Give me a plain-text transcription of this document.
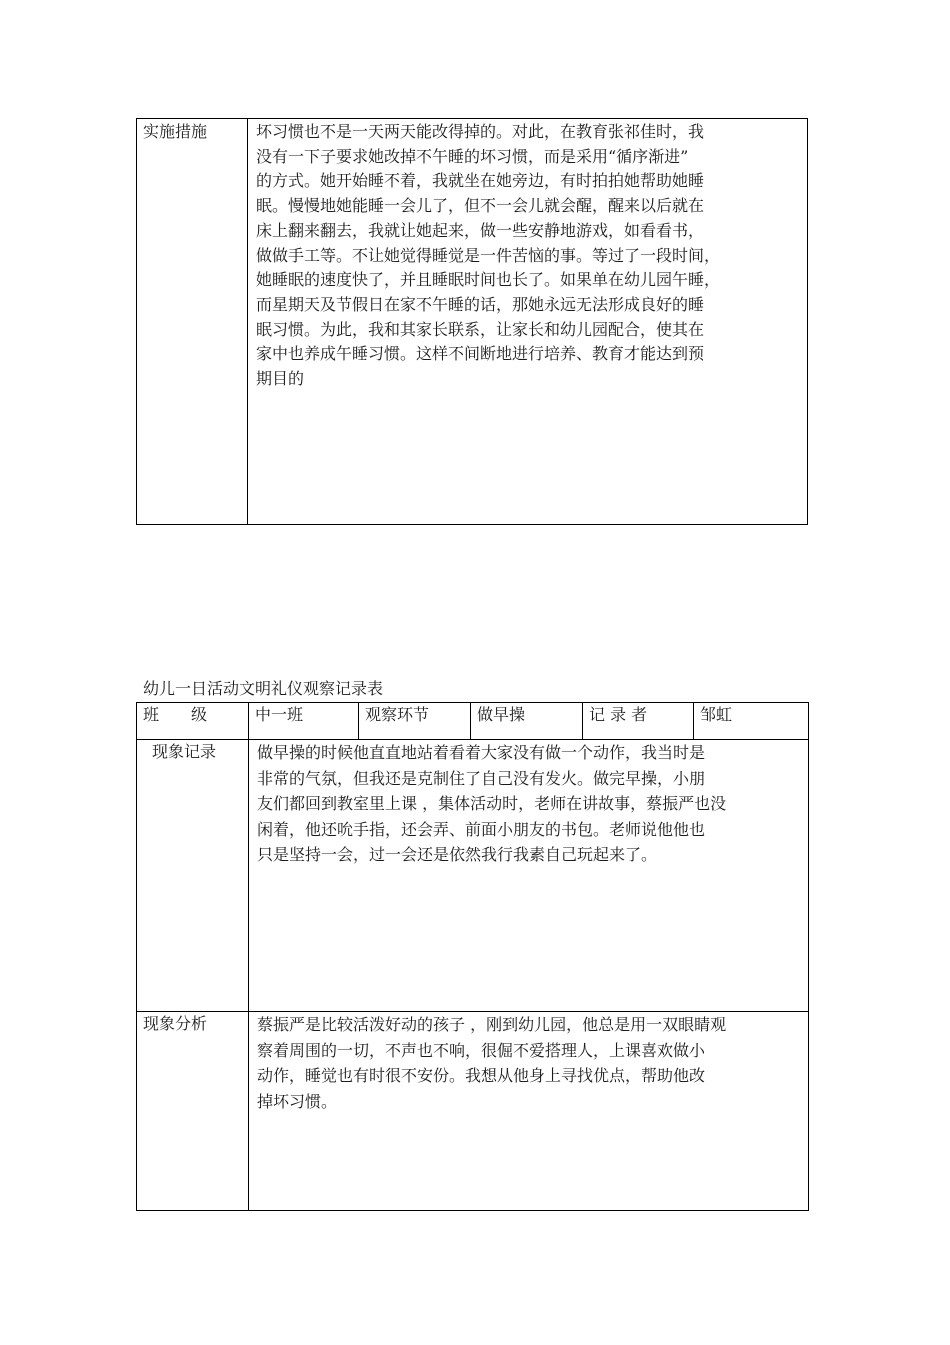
实施措施	坏习惯也不是一天两天能改得掉的。对此，在教育张祁佳时，我
没有一下子要求她改掉不午睡的坏习惯，而是采用“循序渐进”
的方式。她开始睡不着，我就坐在她旁边，有时拍拍她帮助她睡
眠。慢慢地她能睡一会儿了，但不一会儿就会醒，醒来以后就在
床上翻来翻去，我就让她起来，做一些安静地游戏，如看看书，
做做手工等。不让她觉得睡觉是一件苦恼的事。等过了一段时间，
她睡眠的速度快了，并且睡眠时间也长了。如果单在幼儿园午睡，
而星期天及节假日在家不午睡的话，那她永远无法形成良好的睡
眠习惯。为此，我和其家长联系，让家长和幼儿园配合，使其在
家中也养成午睡习惯。这样不间断地进行培养、教育才能达到预
期目的
幼儿一日活动文明礼仪观察记录表
班　　级	中一班	观察环节	做早操	记 录 者	邹虹
现象记录	做早操的时候他直直地站着看着大家没有做一个动作，我当时是
非常的气氛，但我还是克制住了自己没有发火。做完早操，小朋
友们都回到教室里上课 ，集体活动时，老师在讲故事，蔡振严也没
闲着，他还吮手指，还会弄、前面小朋友的书包。老师说他他也
只是坚持一会，过一会还是依然我行我素自己玩起来了。				

现象分析	蔡振严是比较活泼好动的孩子 ，刚到幼儿园，他总是用一双眼睛观
察着周围的一切，不声也不响，很倔不爱搭理人，上课喜欢做小
动作，睡觉也有时很不安份。我想从他身上寻找优点，帮助他改
掉坏习惯。				
